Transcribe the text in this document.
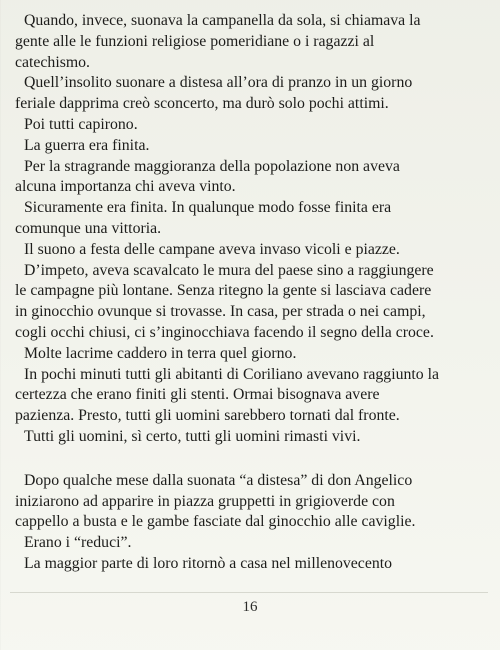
Quando, invece, suonava la campanella da sola, si chiamava la
gente alle le funzioni religiose pomeridiane o i ragazzi al
catechismo.

Quell’insolito suonare a distesa all’ora di pranzo in un giorno
feriale dapprima creò sconcerto, ma durò solo pochi attimi.

Poi tutti capirono.

La guerra era finita.

Per la stragrande maggioranza della popolazione non aveva
alcuna importanza chi aveva vinto.

Sicuramente era finita. In qualunque modo fosse finita era
comunque una vittoria.

Il suono a festa delle campane aveva invaso vicoli e piazze.

D’impeto, aveva scavalcato le mura del paese sino a raggiungere
le campagne più lontane. Senza ritegno la gente si lasciava cadere
in ginocchio ovunque si trovasse. In casa, per strada o nei campi,
cogli occhi chiusi, ci s’inginocchiava facendo il segno della croce.

Molte lacrime caddero in terra quel giorno.

In pochi minuti tutti gli abitanti di Coriliano avevano raggiunto la
certezza che erano finiti gli stenti. Ormai bisognava avere
pazienza. Presto, tutti gli uomini sarebbero tornati dal fronte.

Tutti gli uomini, sì certo, tutti gli uomini rimasti vivi.

Dopo qualche mese dalla suonata “a distesa” di don Angelico
iniziarono ad apparire in piazza gruppetti in grigioverde con
cappello a busta e le gambe fasciate dal ginocchio alle caviglie.

Erano i “reduci”.

La maggior parte di loro ritornò a casa nel millenovecento

16
